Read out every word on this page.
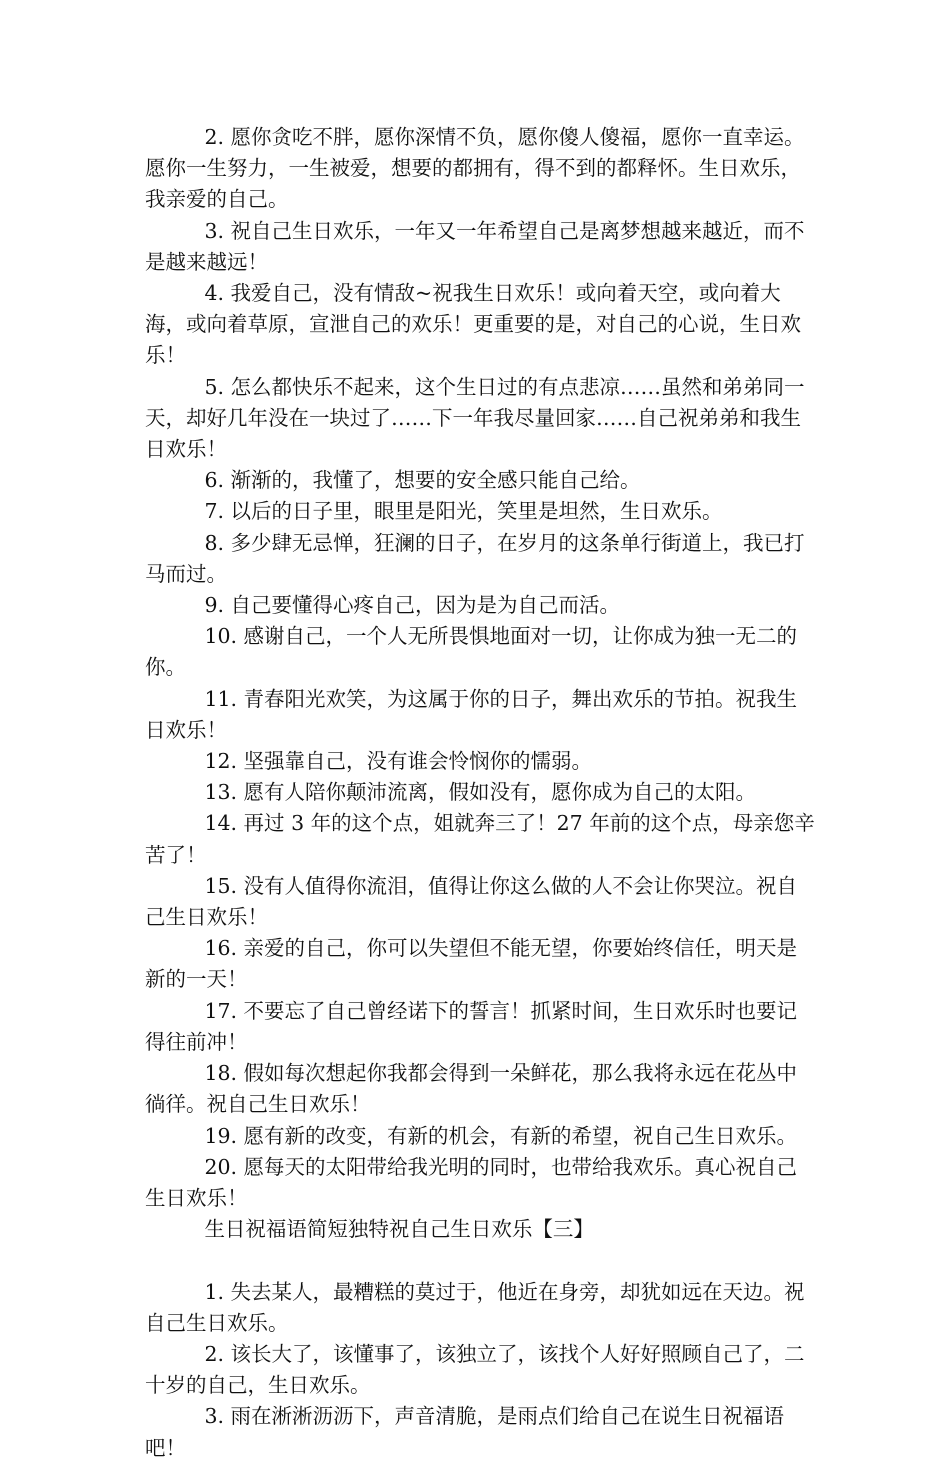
2. 愿你贪吃不胖，愿你深情不负，愿你傻人傻福，愿你一直幸运。愿你一生努力，一生被爱，想要的都拥有，得不到的都释怀。生日欢乐，我亲爱的自己。

3. 祝自己生日欢乐，一年又一年希望自己是离梦想越来越近，而不是越来越远！

4. 我爱自己，没有情敌~祝我生日欢乐！或向着天空，或向着大海，或向着草原，宣泄自己的欢乐！更重要的是，对自己的心说，生日欢乐！

5. 怎么都快乐不起来，这个生日过的有点悲凉……虽然和弟弟同一天，却好几年没在一块过了……下一年我尽量回家……自己祝弟弟和我生日欢乐！

6. 渐渐的，我懂了，想要的安全感只能自己给。

7. 以后的日子里，眼里是阳光，笑里是坦然，生日欢乐。

8. 多少肆无忌惮，狂澜的日子，在岁月的这条单行街道上，我已打马而过。

9. 自己要懂得心疼自己，因为是为自己而活。

10. 感谢自己，一个人无所畏惧地面对一切，让你成为独一无二的你。

11. 青春阳光欢笑，为这属于你的日子，舞出欢乐的节拍。祝我生日欢乐！

12. 坚强靠自己，没有谁会怜悯你的懦弱。

13. 愿有人陪你颠沛流离，假如没有，愿你成为自己的太阳。

14. 再过 3 年的这个点，姐就奔三了！27 年前的这个点，母亲您辛苦了！

15. 没有人值得你流泪，值得让你这么做的人不会让你哭泣。祝自己生日欢乐！

16. 亲爱的自己，你可以失望但不能无望，你要始终信任，明天是新的一天！

17. 不要忘了自己曾经诺下的誓言！抓紧时间，生日欢乐时也要记得往前冲！

18. 假如每次想起你我都会得到一朵鲜花，那么我将永远在花丛中徜徉。祝自己生日欢乐！

19. 愿有新的改变，有新的机会，有新的希望，祝自己生日欢乐。

20. 愿每天的太阳带给我光明的同时，也带给我欢乐。真心祝自己生日欢乐！

生日祝福语简短独特祝自己生日欢乐【三】

1. 失去某人，最糟糕的莫过于，他近在身旁，却犹如远在天边。祝自己生日欢乐。

2. 该长大了，该懂事了，该独立了，该找个人好好照顾自己了，二十岁的自己，生日欢乐。

3. 雨在淅淅沥沥下，声音清脆，是雨点们给自己在说生日祝福语吧！
